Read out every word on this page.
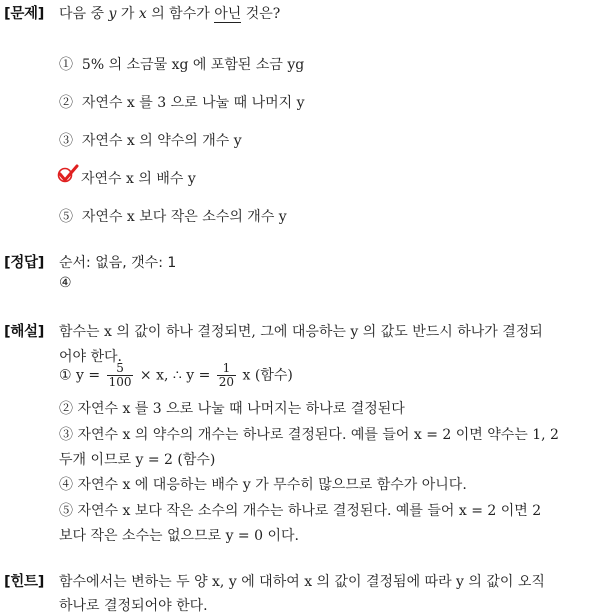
[문제] 다음 중 y 가 x 의 함수가 아닌 것은?
① 5% 의 소금물 xg 에 포함된 소금 yg
② 자연수 x 를 3 으로 나눌 때 나머지 y
③ 자연수 x 의 약수의 개수 y
자연수 x 의 배수 y
⑤ 자연수 x 보다 작은 소수의 개수 y
[정답] 순서: 없음, 갯수: 1
④
[해설] 함수는 x 의 값이 하나 결정되면, 그에 대응하는 y 의 값도 반드시 하나가 결정되
어야 한다.
① $y = \frac{5}{100} \times x$, ∴ $y = \frac{1}{20}$ x (함수)
② 자연수 x 를 3 으로 나눌 때 나머지는 하나로 결정된다
③ 자연수 x 의 약수의 개수는 하나로 결정된다. 예를 들어 x = 2 이면 약수는 1, 2
두개 이므로 y = 2 (함수)
④ 자연수 x 에 대응하는 배수 y 가 무수히 많으므로 함수가 아니다.
⑤ 자연수 x 보다 작은 소수의 개수는 하나로 결정된다. 예를 들어 x = 2 이면 2
보다 작은 소수는 없으므로 y = 0 이다.
[힌트] 함수에서는 변하는 두 양 x, y 에 대하여 x 의 값이 결정됨에 따라 y 의 값이 오직
하나로 결정되어야 한다.
